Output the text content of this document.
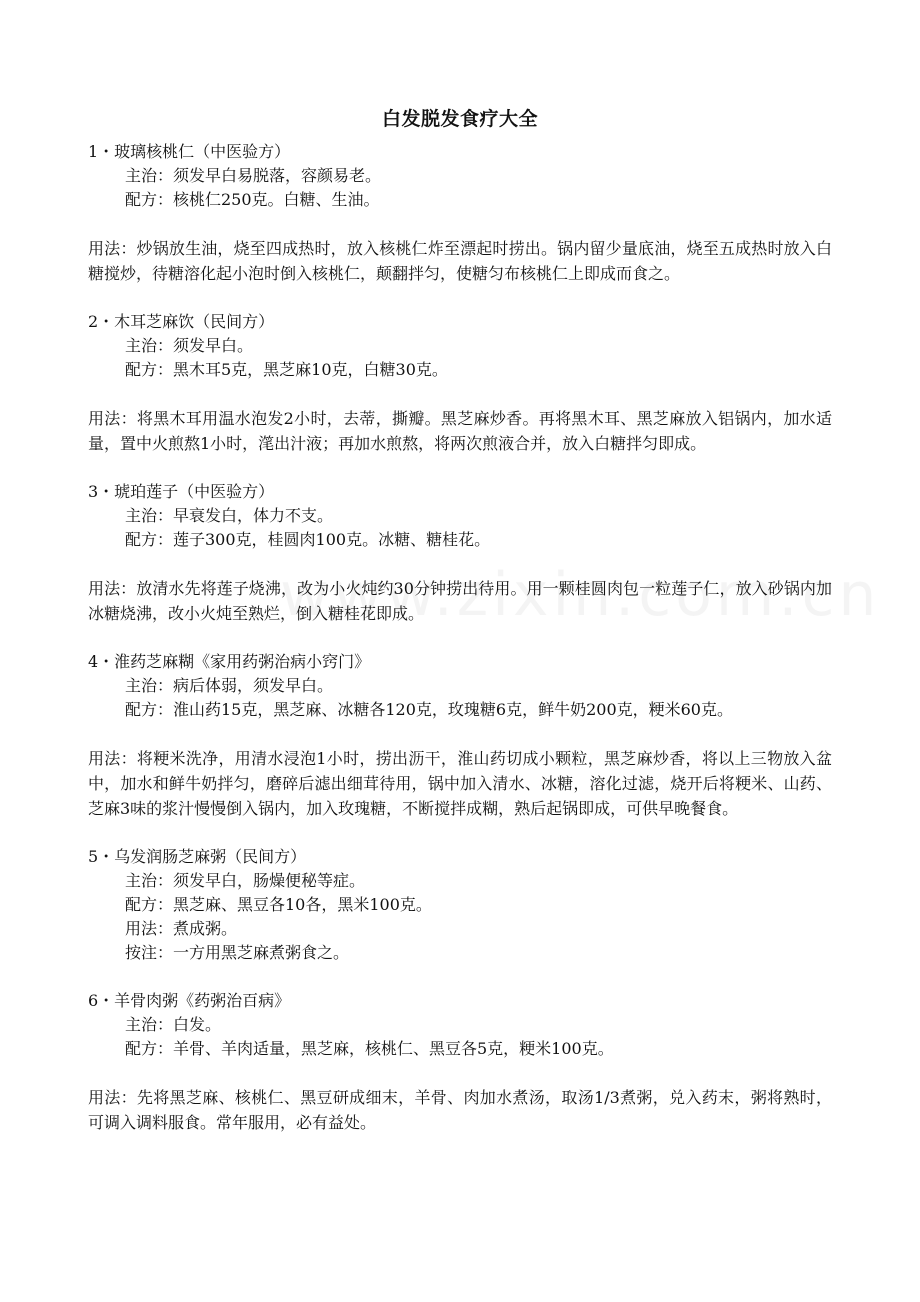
白发脱发食疗大全
1・玻璃核桃仁（中医验方）
主治：须发早白易脱落，容颜易老。
配方：核桃仁250克。白糖、生油。
用法：炒锅放生油，烧至四成热时，放入核桃仁炸至漂起时捞出。锅内留少量底油，烧至五成热时放入白糖搅炒，待糖溶化起小泡时倒入核桃仁，颠翻拌匀，使糖匀布核桃仁上即成而食之。
2・木耳芝麻饮（民间方）
主治：须发早白。
配方：黑木耳5克，黑芝麻10克，白糖30克。
用法：将黑木耳用温水泡发2小时，去蒂，撕瓣。黑芝麻炒香。再将黑木耳、黑芝麻放入铝锅内，加水适量，置中火煎熬1小时，滗出汁液；再加水煎熬，将两次煎液合并，放入白糖拌匀即成。
3・琥珀莲子（中医验方）
主治：早衰发白，体力不支。
配方：莲子300克，桂圆肉100克。冰糖、糖桂花。
用法：放清水先将莲子烧沸，改为小火炖约30分钟捞出待用。用一颗桂圆肉包一粒莲子仁，放入砂锅内加冰糖烧沸，改小火炖至熟烂，倒入糖桂花即成。
4・淮药芝麻糊《家用药粥治病小窍门》
主治：病后体弱，须发早白。
配方：淮山药15克，黑芝麻、冰糖各120克，玫瑰糖6克，鲜牛奶200克，粳米60克。
用法：将粳米洗净，用清水浸泡1小时，捞出沥干，淮山药切成小颗粒，黑芝麻炒香，将以上三物放入盆中，加水和鲜牛奶拌匀，磨碎后滤出细茸待用，锅中加入清水、冰糖，溶化过滤，烧开后将粳米、山药、芝麻3味的浆汁慢慢倒入锅内，加入玫瑰糖，不断搅拌成糊，熟后起锅即成，可供早晚餐食。
5・乌发润肠芝麻粥（民间方）
主治：须发早白，肠燥便秘等症。
配方：黑芝麻、黑豆各10各，黑米100克。
用法：煮成粥。
按注：一方用黑芝麻煮粥食之。
6・羊骨肉粥《药粥治百病》
主治：白发。
配方：羊骨、羊肉适量，黑芝麻，核桃仁、黑豆各5克，粳米100克。
用法：先将黑芝麻、核桃仁、黑豆研成细末，羊骨、肉加水煮汤，取汤1/3煮粥，兑入药末，粥将熟时，可调入调料服食。常年服用，必有益处。
